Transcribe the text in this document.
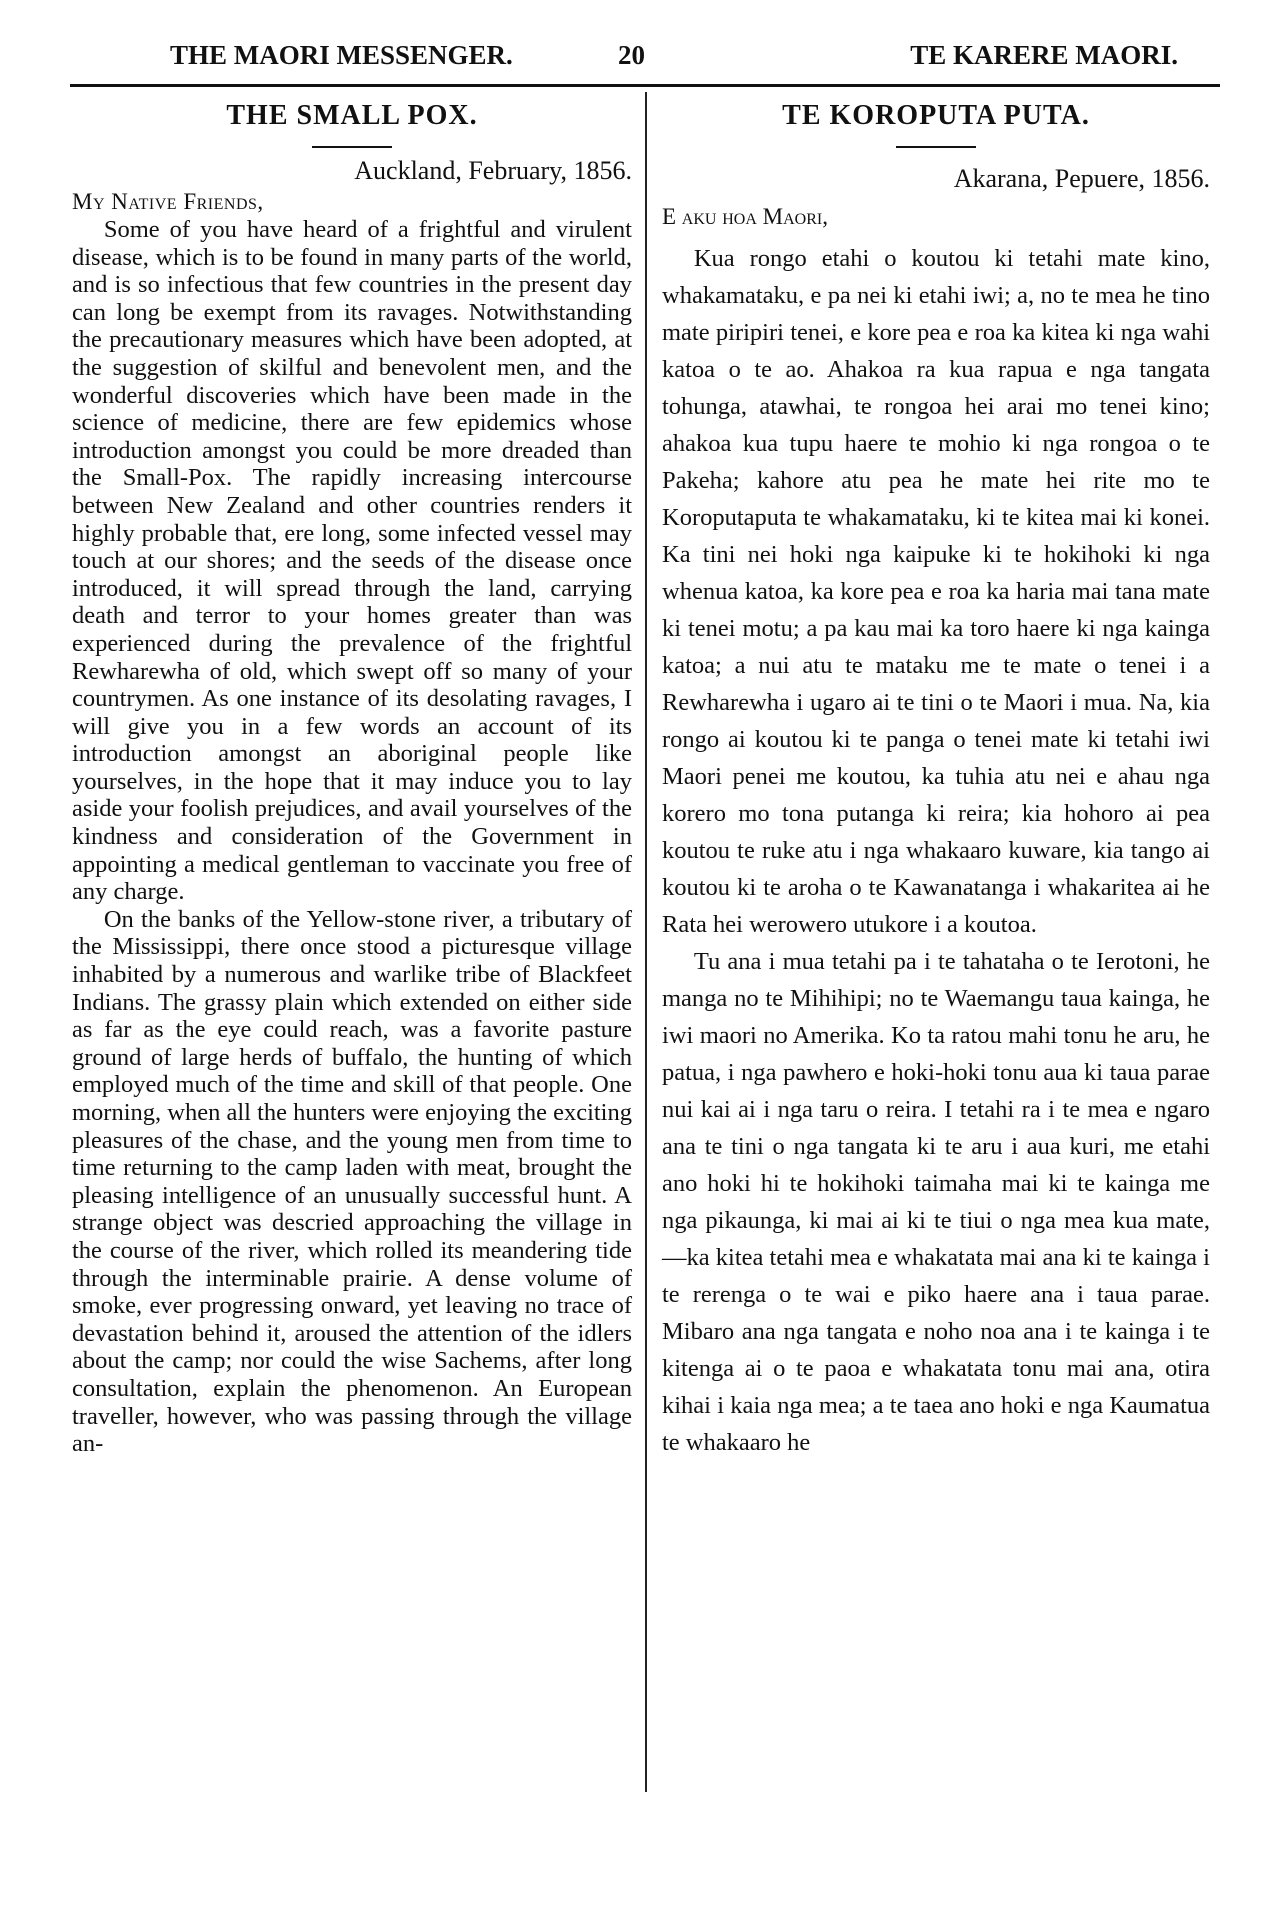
THE MAORI MESSENGER.	20	TE KARERE MAORI.
THE SMALL POX.

Auckland, February, 1856.

My Native Friends,

Some of you have heard of a frightful and virulent disease, which is to be found in many parts of the world, and is so infectious that few countries in the present day can long be exempt from its ravages. Notwithstanding the precautionary measures which have been adopted, at the suggestion of skilful and benevolent men, and the wonderful discoveries which have been made in the science of medicine, there are few epidemics whose introduction amongst you could be more dreaded than the Small-Pox. The rapidly increasing intercourse between New Zealand and other countries renders it highly probable that, ere long, some infected vessel may touch at our shores; and the seeds of the disease once introduced, it will spread through the land, carrying death and terror to your homes greater than was experienced during the prevalence of the frightful Rewharewha of old, which swept off so many of your countrymen. As one instance of its desolating ravages, I will give you in a few words an account of its introduction amongst an aboriginal people like yourselves, in the hope that it may induce you to lay aside your foolish prejudices, and avail yourselves of the kindness and consideration of the Government in appointing a medical gentleman to vaccinate you free of any charge.

On the banks of the Yellow-stone river, a tributary of the Mississippi, there once stood a picturesque village inhabited by a numerous and warlike tribe of Blackfeet Indians. The grassy plain which extended on either side as far as the eye could reach, was a favorite pasture ground of large herds of buffalo, the hunting of which employed much of the time and skill of that people. One morning, when all the hunters were enjoying the exciting pleasures of the chase, and the young men from time to time returning to the camp laden with meat, brought the pleasing intelligence of an unusually successful hunt. A strange object was descried approaching the village in the course of the river, which rolled its meandering tide through the interminable prairie. A dense volume of smoke, ever progressing onward, yet leaving no trace of devastation behind it, aroused the attention of the idlers about the camp; nor could the wise Sachems, after long consultation, explain the phenomenon. An European traveller, however, who was passing through the village an-

TE KOROPUTA PUTA.

Akarana, Pepuere, 1856.

E aku hoa Maori,

Kua rongo etahi o koutou ki tetahi mate kino, whakamataku, e pa nei ki etahi iwi; a, no te mea he tino mate piripiri tenei, e kore pea e roa ka kitea ki nga wahi katoa o te ao. Ahakoa ra kua rapua e nga tangata tohunga, atawhai, te rongoa hei arai mo tenei kino; ahakoa kua tupu haere te mohio ki nga rongoa o te Pakeha; kahore atu pea he mate hei rite mo te Koroputaputa te whakamataku, ki te kitea mai ki konei. Ka tini nei hoki nga kaipuke ki te hokihoki ki nga whenua katoa, ka kore pea e roa ka haria mai tana mate ki tenei motu; a pa kau mai ka toro haere ki nga kainga katoa; a nui atu te mataku me te mate o tenei i a Rewharewha i ugaro ai te tini o te Maori i mua. Na, kia rongo ai koutou ki te panga o tenei mate ki tetahi iwi Maori penei me koutou, ka tuhia atu nei e ahau nga korero mo tona putanga ki reira; kia hohoro ai pea koutou te ruke atu i nga whakaaro kuware, kia tango ai koutou ki te aroha o te Kawanatanga i whakaritea ai he Rata hei werowero utukore i a koutoa.

Tu ana i mua tetahi pa i te tahataha o te Ierotoni, he manga no te Mihihipi; no te Waemangu taua kainga, he iwi maori no Amerika. Ko ta ratou mahi tonu he aru, he patua, i nga pawhero e hoki-hoki tonu aua ki taua parae nui kai ai i nga taru o reira. I tetahi ra i te mea e ngaro ana te tini o nga tangata ki te aru i aua kuri, me etahi ano hoki hi te hokihoki taimaha mai ki te kainga me nga pikaunga, ki mai ai ki te tiui o nga mea kua mate,—ka kitea tetahi mea e whakatata mai ana ki te kainga i te rerenga o te wai e piko haere ana i taua parae. Mibaro ana nga tangata e noho noa ana i te kainga i te kitenga ai o te paoa e whakatata tonu mai ana, otira kihai i kaia nga mea; a te taea ano hoki e nga Kaumatua te whakaaro he
